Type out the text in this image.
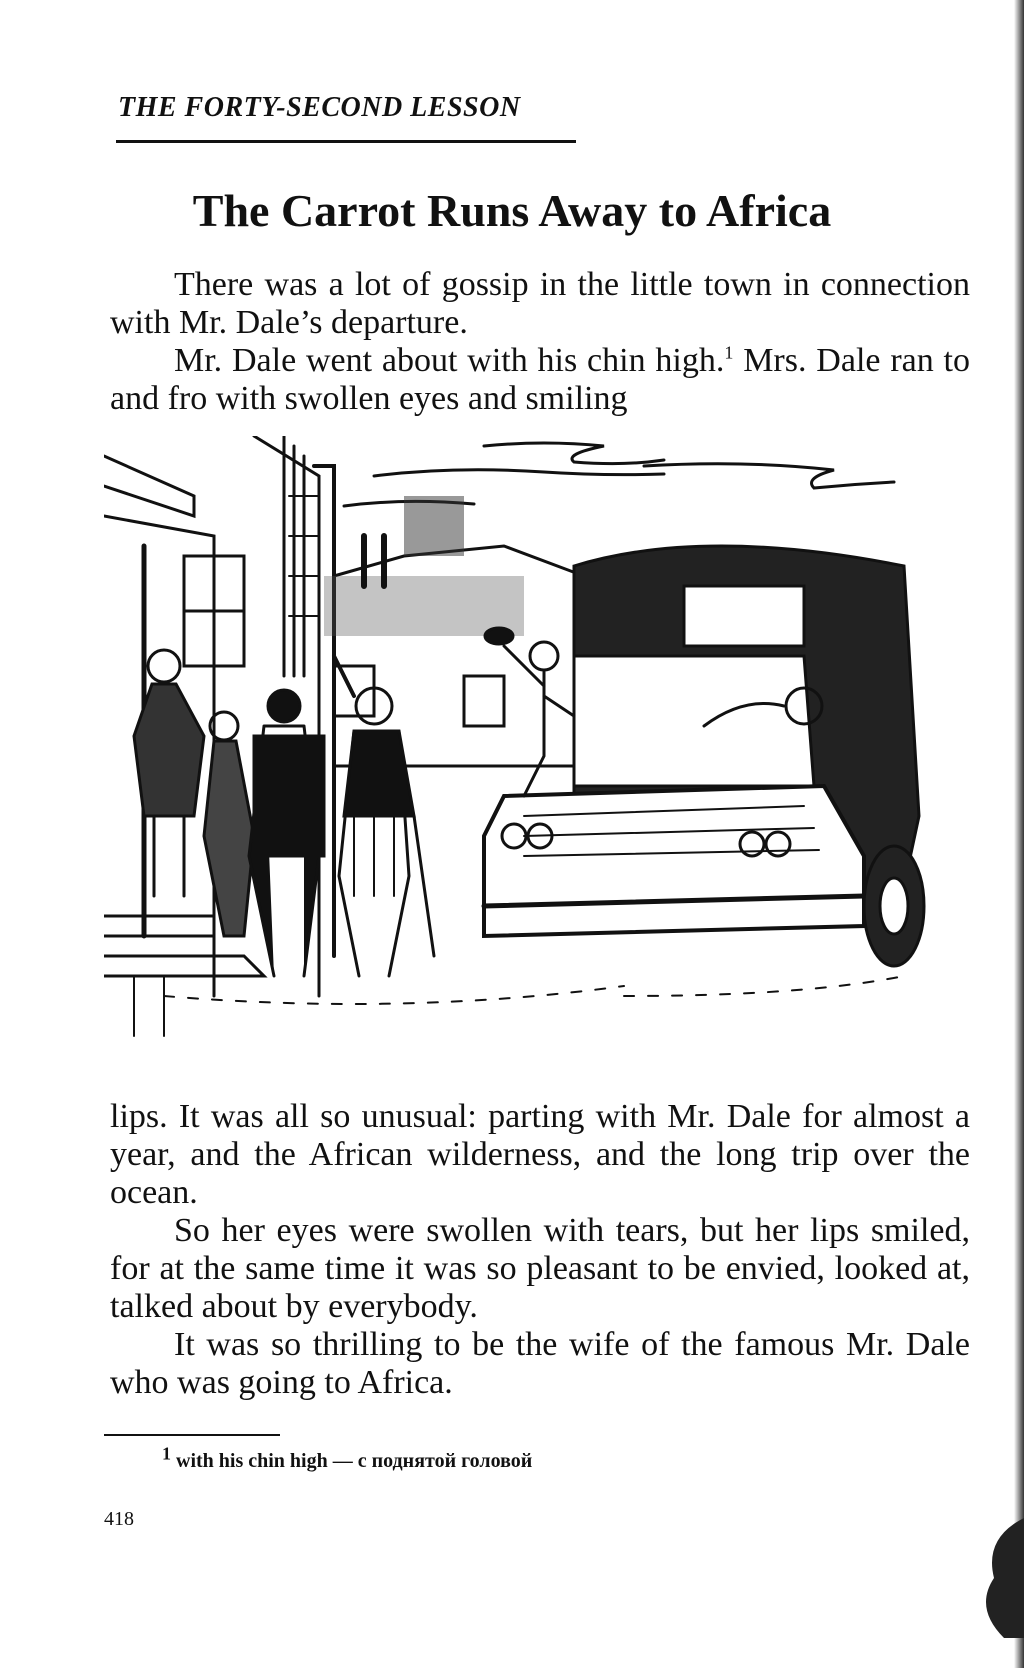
THE FORTY-SECOND LESSON
The Carrot Runs Away to Africa

There was a lot of gossip in the little town in connection with Mr. Dale’s departure.

Mr. Dale went about with his chin high.$^1$ Mrs. Dale ran to and fro with swollen eyes and smiling

lips. It was all so unusual: parting with Mr. Dale for almost a year, and the African wilderness, and the long trip over the ocean.

So her eyes were swollen with tears, but her lips smiled, for at the same time it was so pleasant to be envied, looked at, talked about by everybody.

It was so thrilling to be the wife of the famous Mr. Dale who was going to Africa.

1 with his chin high — с поднятой головой
418
